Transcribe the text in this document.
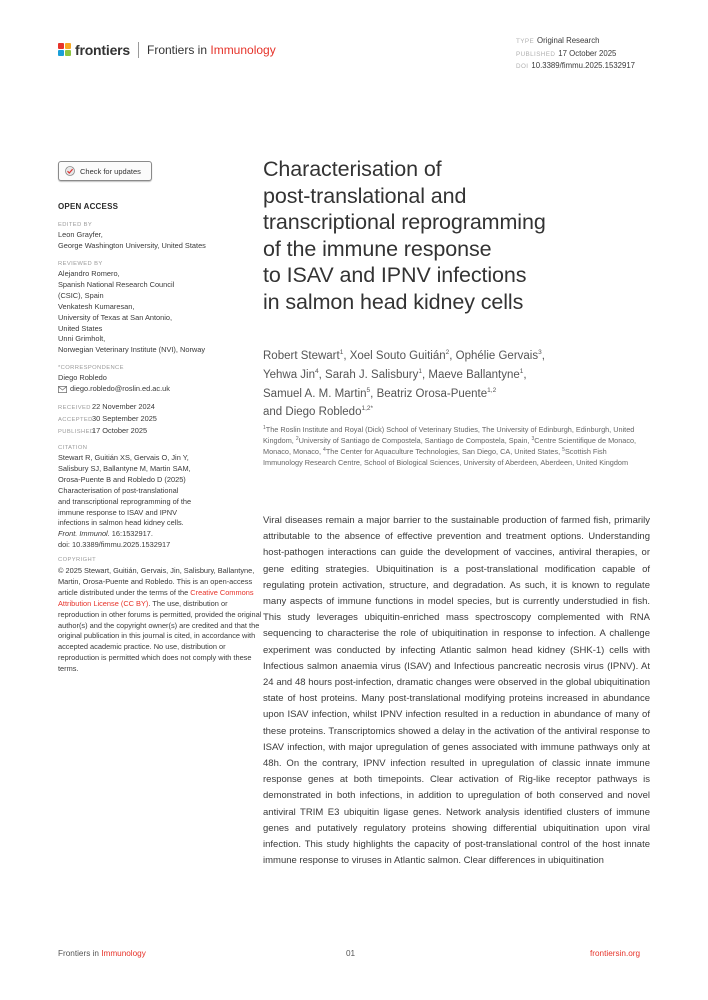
frontiers Frontiers in Immunology
TYPE Original Research
PUBLISHED 17 October 2025
DOI 10.3389/fimmu.2025.1532917
Check for updates
OPEN ACCESS
EDITED BY

Leon Grayfer,

George Washington University, United States

REVIEWED BY

Alejandro Romero,

Spanish National Research Council

(CSIC), Spain

Venkatesh Kumaresan,

University of Texas at San Antonio,

United States

Unni Grimholt,

Norwegian Veterinary Institute (NVI), Norway

*CORRESPONDENCE

Diego Robledo

diego.robledo@roslin.ed.ac.uk
RECEIVED 22 November 2024
ACCEPTED 30 September 2025
PUBLISHED
17 October 2025
CITATION

Stewart R, Guitián XS, Gervais O, Jin Y,

Salisbury SJ, Ballantyne M, Martin SAM,

Orosa-Puente B and Robledo D (2025)

Characterisation of post-translational

and transcriptional reprogramming of the

immune response to ISAV and IPNV

infections in salmon head kidney cells.

Front. Immunol. 16:1532917.

doi: 10.3389/fimmu.2025.1532917

COPYRIGHT
© 2025 Stewart, Guitián, Gervais, Jin, Salisbury, Ballantyne, Martin, Orosa-Puente and Robledo. This is an open-access article distributed under the terms of the Creative Commons Attribution License (CC BY). The use, distribution or reproduction in other forums is permitted, provided the original author(s) and the copyright owner(s) are credited and that the original publication in this journal is cited, in accordance with accepted academic practice. No use, distribution or reproduction is permitted which does not comply with these terms.
Characterisation of
post-translational and
transcriptional reprogramming
of the immune response
to ISAV and IPNV infections
in salmon head kidney cells
Robert Stewart$^1$, Xoel Souto Guitián$^2$, Ophélie Gervais$^3$,
Yehwa Jin$^4$, Sarah J. Salisbury$^1$, Maeve Ballantyne$^1$,
Samuel A. M. Martin$^5$, Beatriz Orosa-Puente$^{1,2}$
and Diego Robledo$^{1,2*}$
$^1$The Roslin Institute and Royal (Dick) School of Veterinary Studies, The University of Edinburgh, Edinburgh, United Kingdom, $^2$University of Santiago de Compostela, Santiago de Compostela, Spain, $^3$Centre Scientifique de Monaco, Monaco, Monaco, $^4$The Center for Aquaculture Technologies, San Diego, CA, United States, $^5$Scottish Fish Immunology Research Centre, School of Biological Sciences, University of Aberdeen, Aberdeen, United Kingdom
Viral diseases remain a major barrier to the sustainable production of farmed fish, primarily attributable to the absence of effective prevention and treatment options. Understanding host-pathogen interactions can guide the development of vaccines, antiviral therapies, or gene editing strategies. Ubiquitination is a post-translational modification capable of regulating protein activation, structure, and degradation. As such, it is known to regulate many aspects of immune functions in model species, but is currently understudied in fish. This study leverages ubiquitin-enriched mass spectroscopy complemented with RNA sequencing to characterise the role of ubiquitination in response to infection. A challenge experiment was conducted by infecting Atlantic salmon head kidney (SHK-1) cells with Infectious salmon anaemia virus (ISAV) and Infectious pancreatic necrosis virus (IPNV). At 24 and 48 hours post-infection, dramatic changes were observed in the global ubiquitination state of host proteins. Many post-translational modifying proteins increased in abundance upon ISAV infection, whilst IPNV infection resulted in a reduction in abundance of many of these proteins. Transcriptomics showed a delay in the activation of the antiviral response to ISAV infection, with major upregulation of genes associated with immune pathways only at 48h. On the contrary, IPNV infection resulted in upregulation of classic innate immune response genes at both timepoints. Clear activation of Rig-like receptor pathways is demonstrated in both infections, in addition to upregulation of both conserved and novel antiviral TRIM E3 ubiquitin ligase genes. Network analysis identified clusters of immune genes and putatively regulatory proteins showing differential ubiquitination upon viral infection. This study highlights the capacity of post-translational control of the host innate immune response to viruses in Atlantic salmon. Clear differences in ubiquitination
Frontiers in Immunology	01	frontiersin.org
